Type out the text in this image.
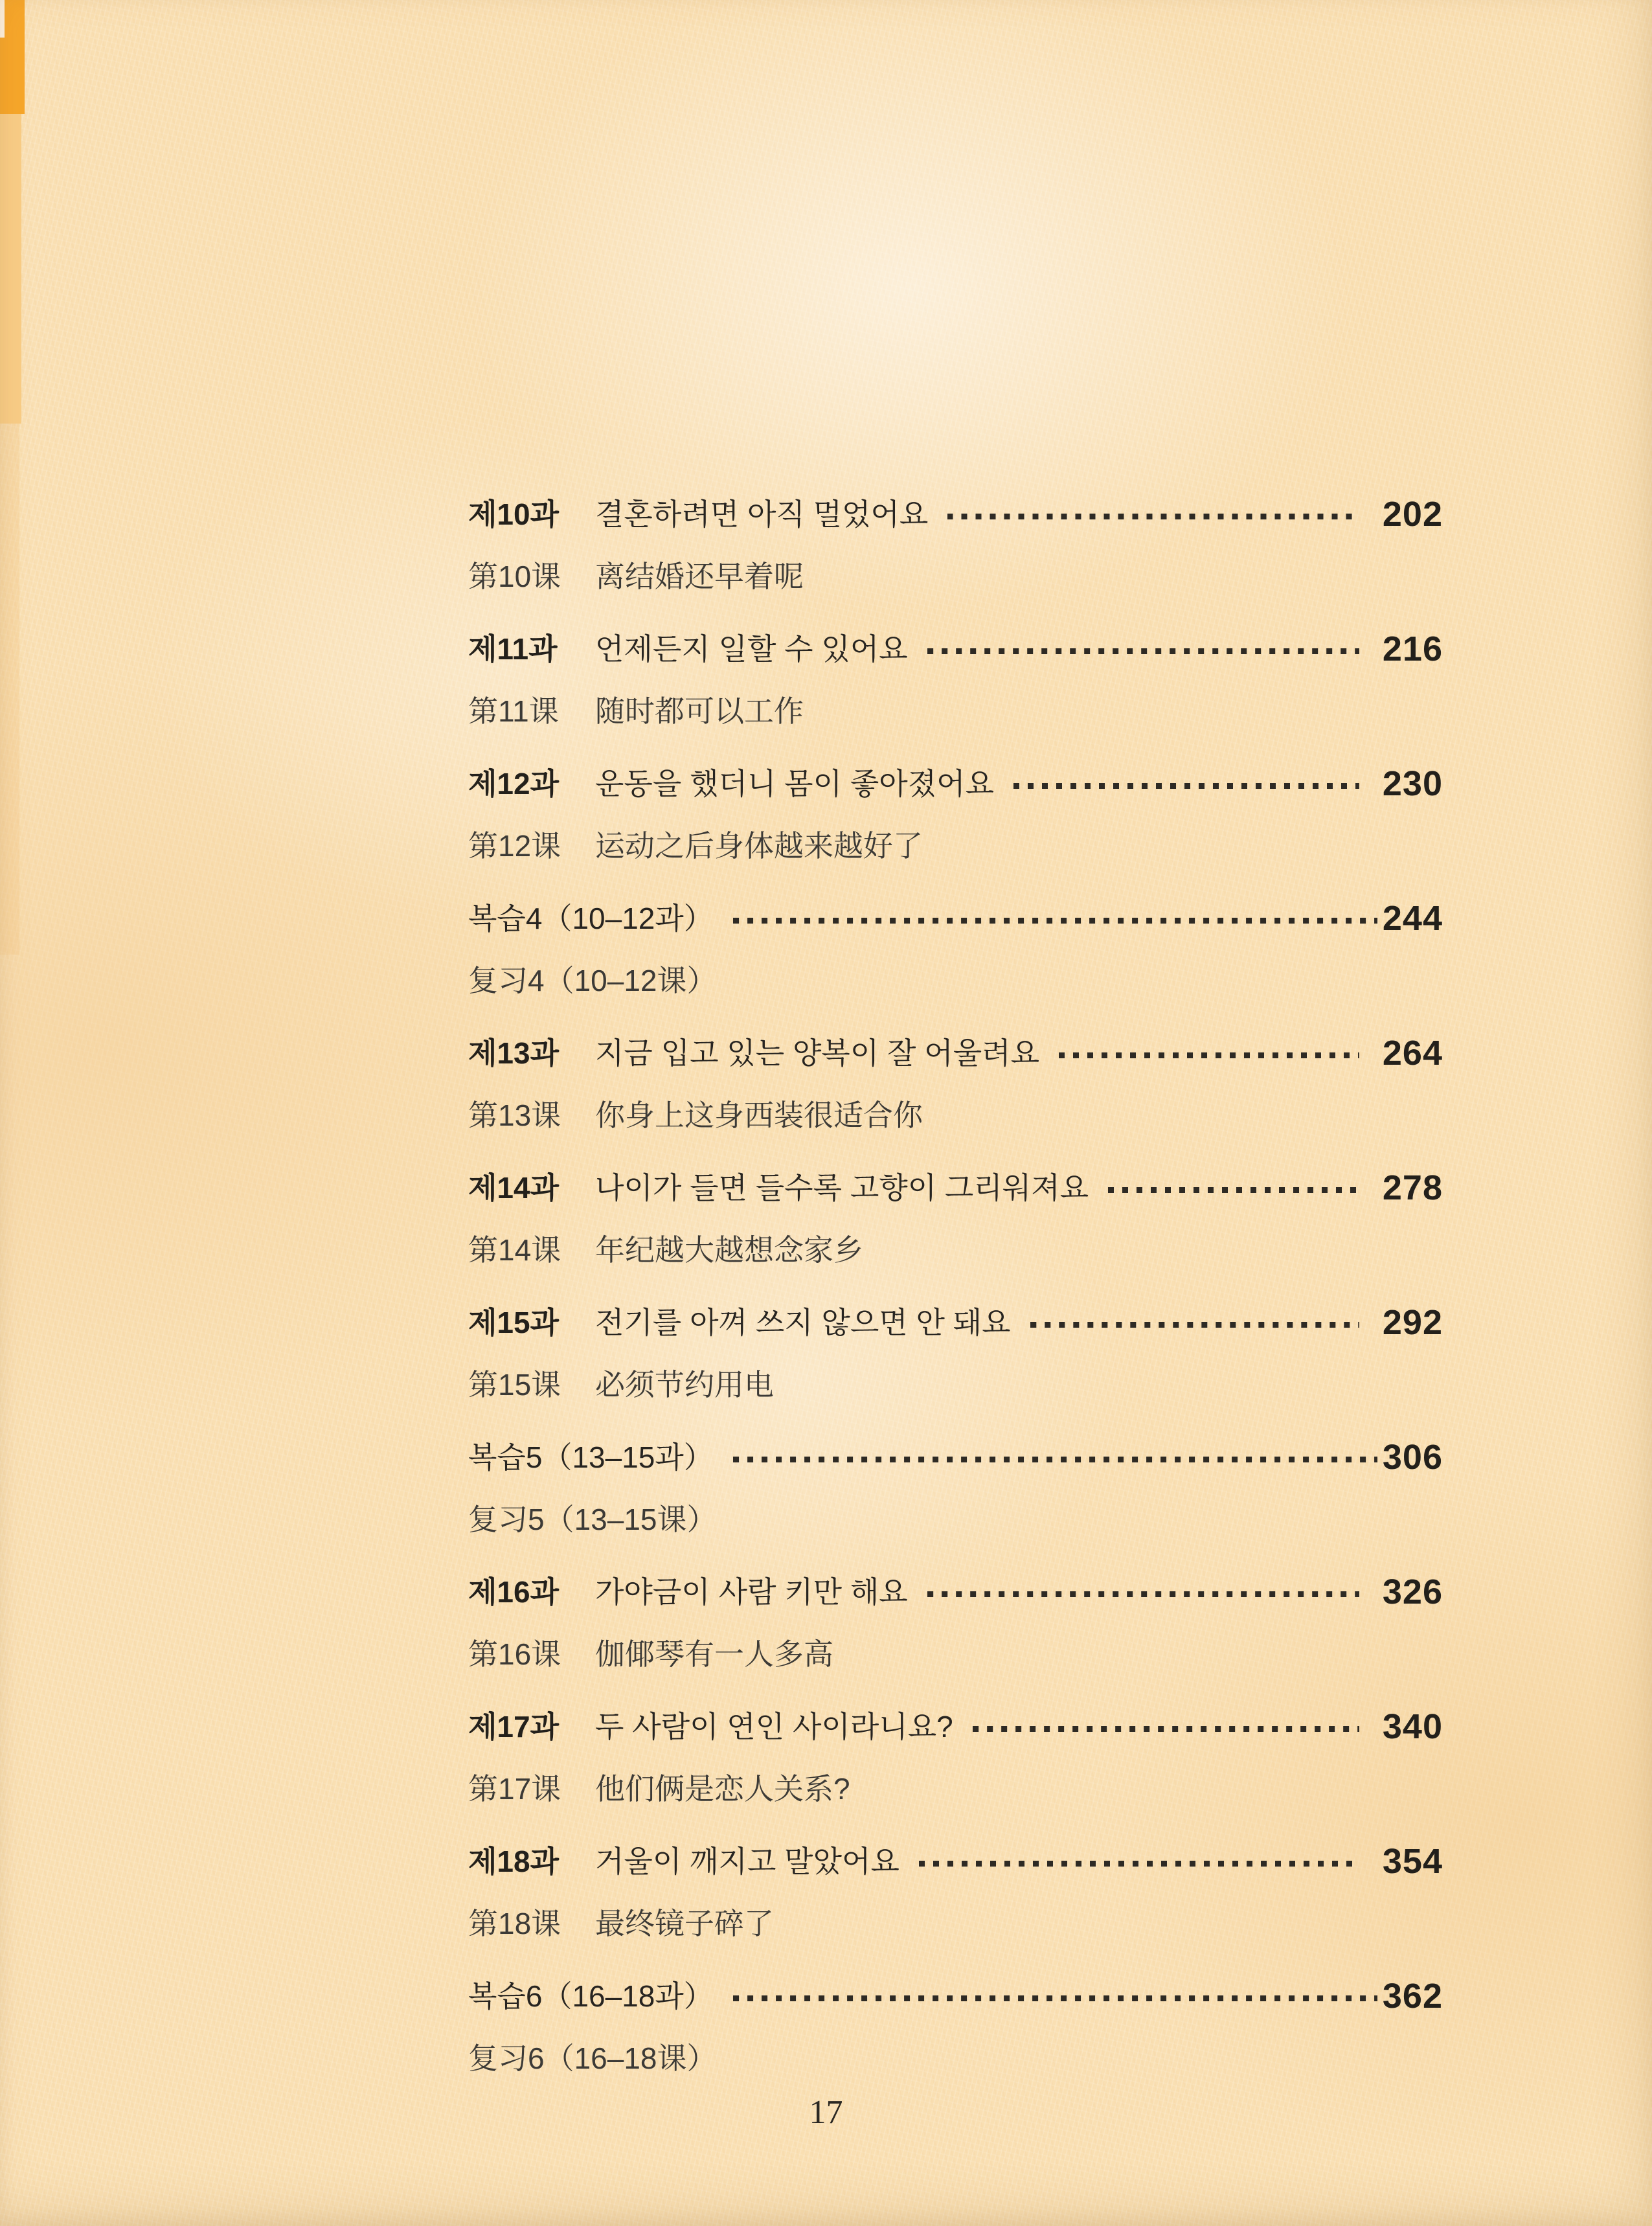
제10과	결혼하려면 아직 멀었어요	202
第10课	离结婚还早着呢
제11과	언제든지 일할 수 있어요	216
第11课	随时都可以工作
제12과	운동을 했더니 몸이 좋아졌어요	230
第12课	运动之后身体越来越好了
복습4（10–12과）	244
复习4（10–12课）
제13과	지금 입고 있는 양복이 잘 어울려요	264
第13课	你身上这身西装很适合你
제14과	나이가 들면 들수록 고향이 그리워져요	278
第14课	年纪越大越想念家乡
제15과	전기를 아껴 쓰지 않으면 안 돼요	292
第15课	必须节约用电
복습5（13–15과）	306
复习5（13–15课）
제16과	가야금이 사람 키만 해요	326
第16课	伽倻琴有一人多高
제17과	두 사람이 연인 사이라니요?	340
第17课	他们俩是恋人关系?
제18과	거울이 깨지고 말았어요	354
第18课	最终镜子碎了
복습6（16–18과）	362
复习6（16–18课）
17
